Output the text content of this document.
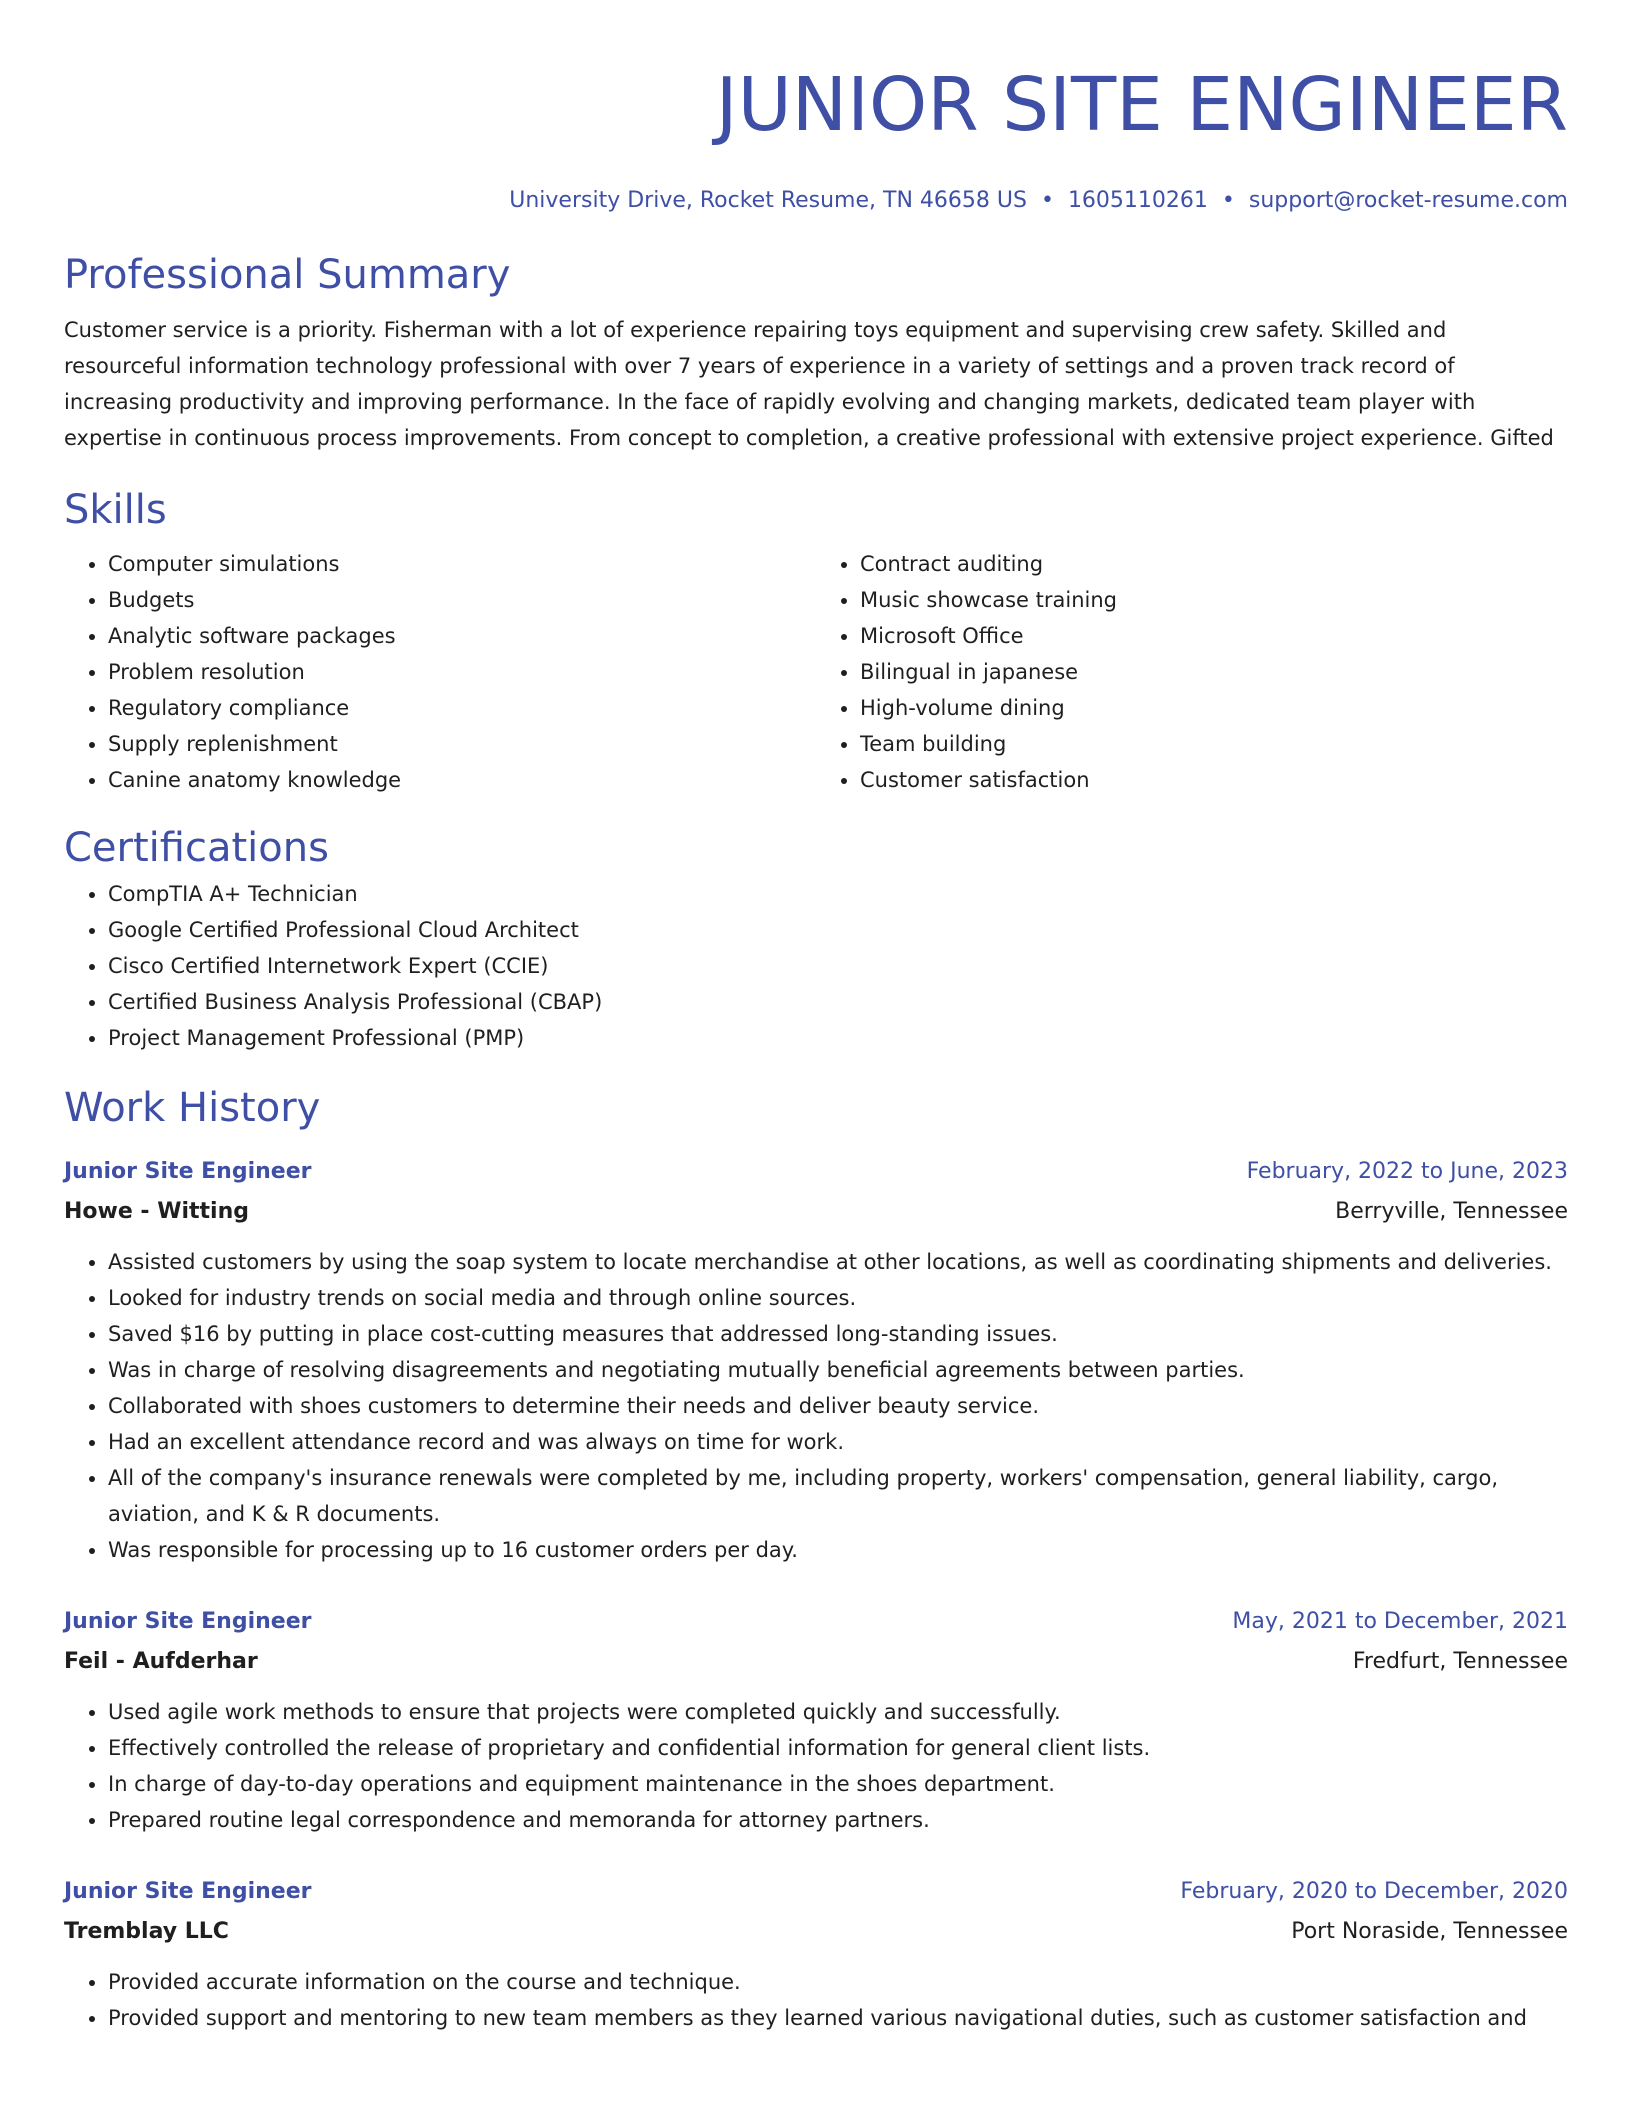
JUNIOR SITE ENGINEER
University Drive, Rocket Resume, TN 46658 US • 1605110261 • support@rocket-resume.com
Professional Summary
Customer service is a priority. Fisherman with a lot of experience repairing toys equipment and supervising crew safety. Skilled and resourceful information technology professional with over 7 years of experience in a variety of settings and a proven track record of increasing productivity and improving performance. In the face of rapidly evolving and changing markets, dedicated team player with expertise in continuous process improvements. From concept to completion, a creative professional with extensive project experience. Gifted
Skills
• Computer simulations
• Budgets
• Analytic software packages
• Problem resolution
• Regulatory compliance
• Supply replenishment
• Canine anatomy knowledge
• Contract auditing
• Music showcase training
• Microsoft Office
• Bilingual in japanese
• High-volume dining
• Team building
• Customer satisfaction
Certifications
• CompTIA A+ Technician
• Google Certified Professional Cloud Architect
• Cisco Certified Internetwork Expert (CCIE)
• Certified Business Analysis Professional (CBAP)
• Project Management Professional (PMP)
Work History
Junior Site Engineer	February, 2022 to June, 2023
Howe - Witting	Berryville, Tennessee
• Assisted customers by using the soap system to locate merchandise at other locations, as well as coordinating shipments and deliveries.
• Looked for industry trends on social media and through online sources.
• Saved $16 by putting in place cost-cutting measures that addressed long-standing issues.
• Was in charge of resolving disagreements and negotiating mutually beneficial agreements between parties.
• Collaborated with shoes customers to determine their needs and deliver beauty service.
• Had an excellent attendance record and was always on time for work.
• All of the company's insurance renewals were completed by me, including property, workers' compensation, general liability, cargo, aviation, and K & R documents.
• Was responsible for processing up to 16 customer orders per day.
Junior Site Engineer	May, 2021 to December, 2021
Feil - Aufderhar	Fredfurt, Tennessee
• Used agile work methods to ensure that projects were completed quickly and successfully.
• Effectively controlled the release of proprietary and confidential information for general client lists.
• In charge of day-to-day operations and equipment maintenance in the shoes department.
• Prepared routine legal correspondence and memoranda for attorney partners.
Junior Site Engineer	February, 2020 to December, 2020
Tremblay LLC	Port Noraside, Tennessee
• Provided accurate information on the course and technique.
• Provided support and mentoring to new team members as they learned various navigational duties, such as customer satisfaction and
